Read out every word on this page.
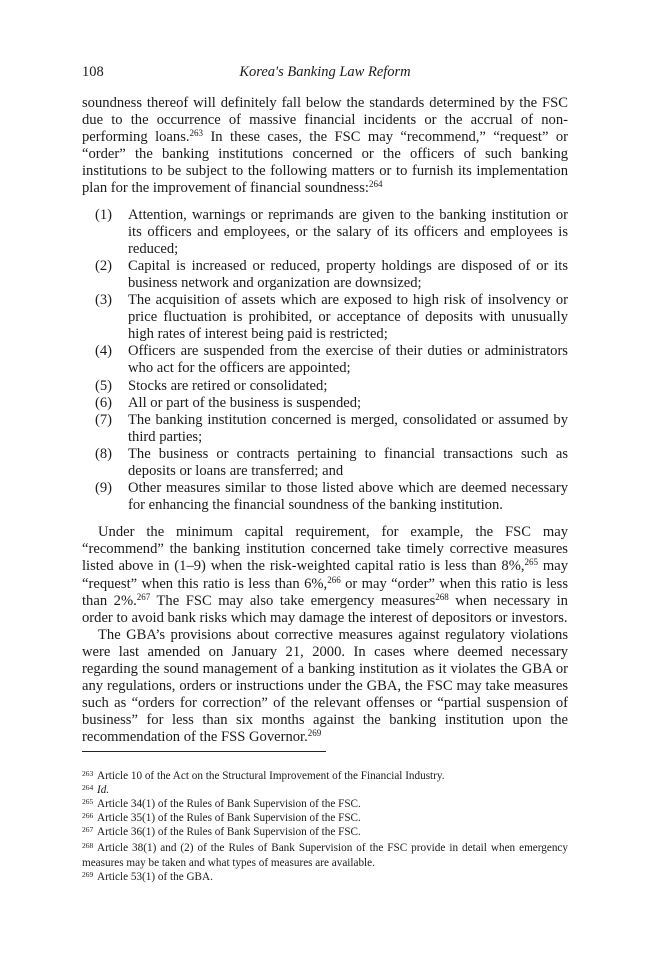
108	Korea's Banking Law Reform

soundness thereof will definitely fall below the standards determined by the FSC due to the occurrence of massive financial incidents or the accrual of non-performing loans.$^{263}$ In these cases, the FSC may “recommend,” “request” or “order” the banking institutions concerned or the officers of such banking institutions to be subject to the following matters or to furnish its implementation plan for the improvement of financial soundness:$^{264}$

(1) Attention, warnings or reprimands are given to the banking institution or its officers and employees, or the salary of its officers and employees is reduced;
(2) Capital is increased or reduced, property holdings are disposed of or its business network and organization are downsized;
(3) The acquisition of assets which are exposed to high risk of insolvency or price fluctuation is prohibited, or acceptance of deposits with unusually high rates of interest being paid is restricted;
(4) Officers are suspended from the exercise of their duties or administrators who act for the officers are appointed;
(5) Stocks are retired or consolidated;
(6) All or part of the business is suspended;
(7) The banking institution concerned is merged, consolidated or assumed by third parties;
(8) The business or contracts pertaining to financial transactions such as deposits or loans are transferred; and
(9) Other measures similar to those listed above which are deemed necessary for enhancing the financial soundness of the banking institution.

Under the minimum capital requirement, for example, the FSC may “recommend” the banking institution concerned take timely corrective measures listed above in (1–9) when the risk-weighted capital ratio is less than 8%,$^{265}$ may “request” when this ratio is less than 6%,$^{266}$ or may “order” when this ratio is less than 2%.$^{267}$ The FSC may also take emergency measures$^{268}$ when necessary in order to avoid bank risks which may damage the interest of depositors or investors.

The GBA’s provisions about corrective measures against regulatory violations were last amended on January 21, 2000. In cases where deemed necessary regarding the sound management of a banking institution as it violates the GBA or any regulations, orders or instructions under the GBA, the FSC may take measures such as “orders for correction” of the relevant offenses or “partial suspension of business” for less than six months against the banking institution upon the recommendation of the FSS Governor.$^{269}$

263 Article 10 of the Act on the Structural Improvement of the Financial Industry.
264 Id.
265 Article 34(1) of the Rules of Bank Supervision of the FSC.
266 Article 35(1) of the Rules of Bank Supervision of the FSC.
267 Article 36(1) of the Rules of Bank Supervision of the FSC.
268 Article 38(1) and (2) of the Rules of Bank Supervision of the FSC provide in detail when emergency measures may be taken and what types of measures are available.
269 Article 53(1) of the GBA.
